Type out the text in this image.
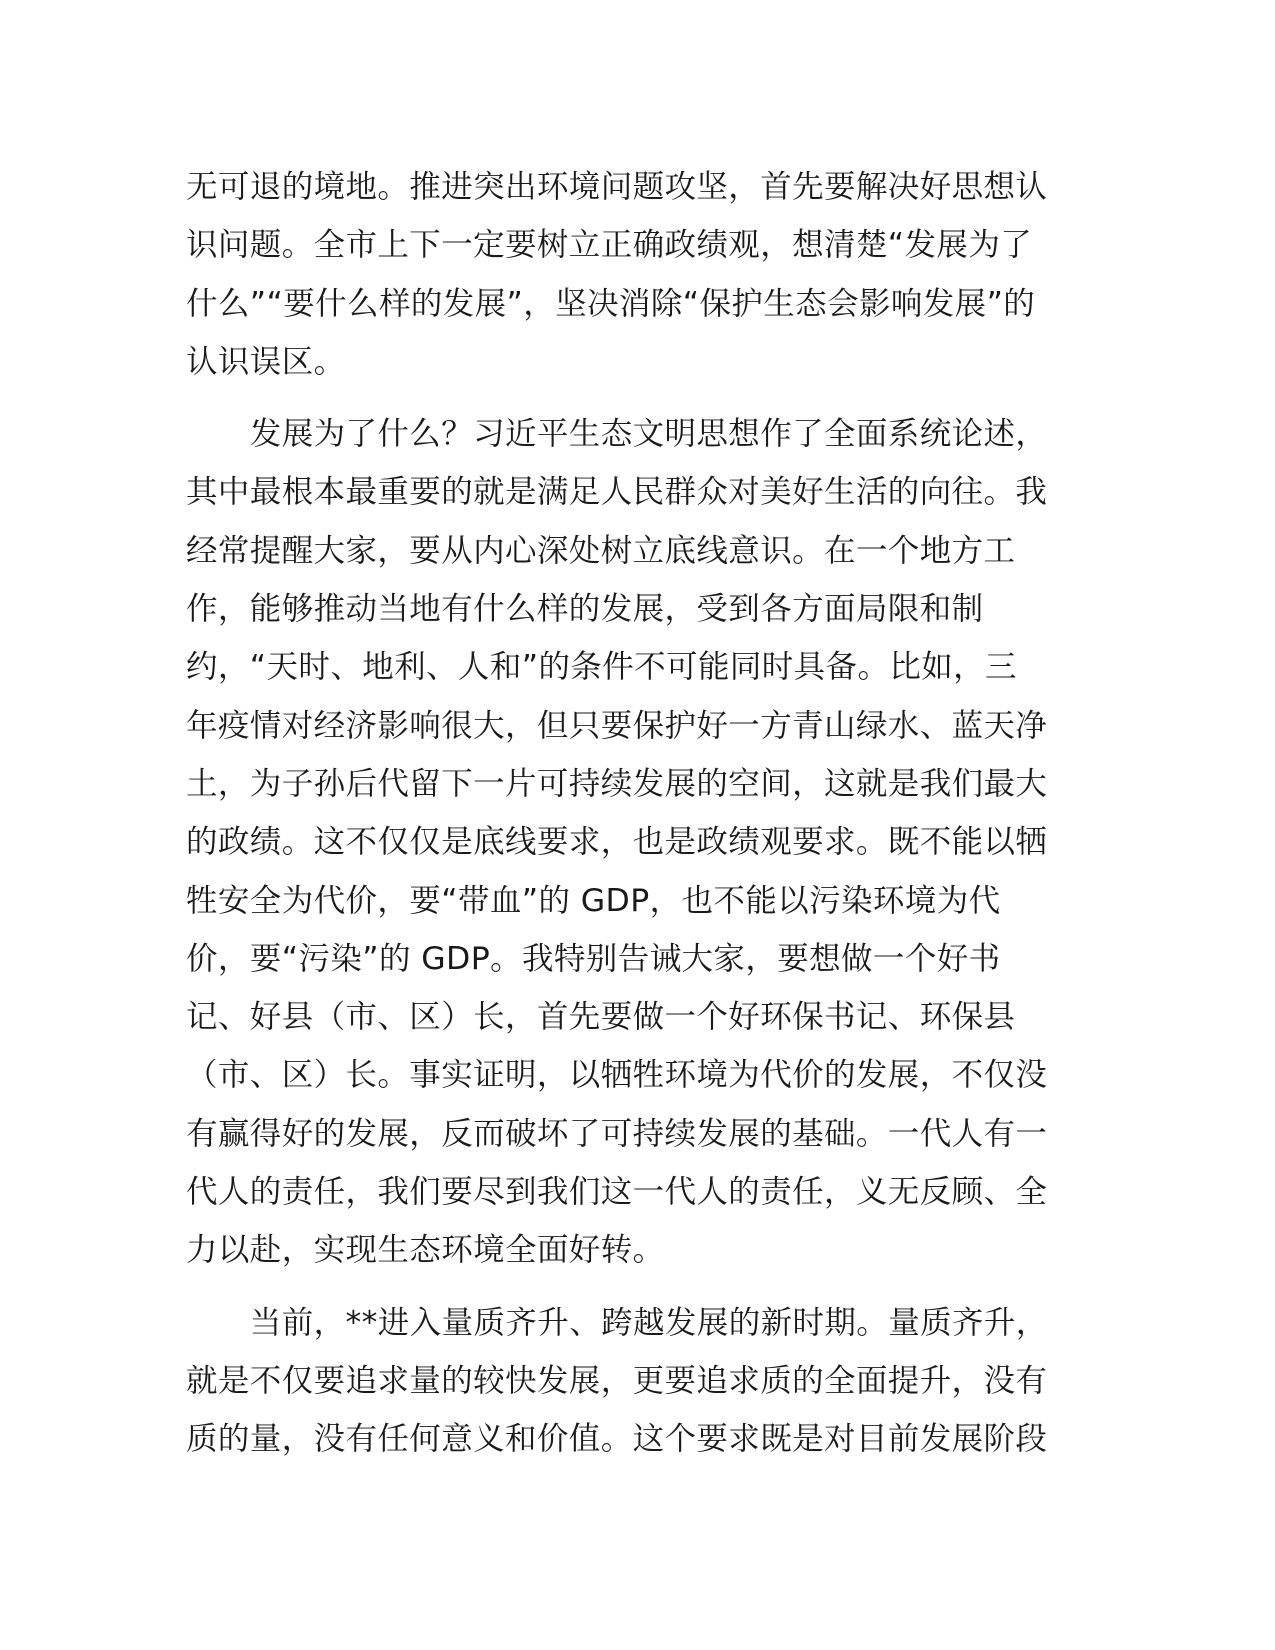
无可退的境地。推进突出环境问题攻坚，首先要解决好思想认
识问题。全市上下一定要树立正确政绩观，想清楚“发展为了
什么”“要什么样的发展”，坚决消除“保护生态会影响发展”的
认识误区。
　　发展为了什么？习近平生态文明思想作了全面系统论述，
其中最根本最重要的就是满足人民群众对美好生活的向往。我
经常提醒大家，要从内心深处树立底线意识。在一个地方工
作，能够推动当地有什么样的发展，受到各方面局限和制
约，“天时、地利、人和”的条件不可能同时具备。比如，三
年疫情对经济影响很大，但只要保护好一方青山绿水、蓝天净
土，为子孙后代留下一片可持续发展的空间，这就是我们最大
的政绩。这不仅仅是底线要求，也是政绩观要求。既不能以牺
牲安全为代价，要“带血”的 GDP，也不能以污染环境为代
价，要“污染”的 GDP。我特别告诫大家，要想做一个好书
记、好县（市、区）长，首先要做一个好环保书记、环保县
（市、区）长。事实证明，以牺牲环境为代价的发展，不仅没
有赢得好的发展，反而破坏了可持续发展的基础。一代人有一
代人的责任，我们要尽到我们这一代人的责任，义无反顾、全
力以赴，实现生态环境全面好转。
　　当前，**进入量质齐升、跨越发展的新时期。量质齐升，
就是不仅要追求量的较快发展，更要追求质的全面提升，没有
质的量，没有任何意义和价值。这个要求既是对目前发展阶段
